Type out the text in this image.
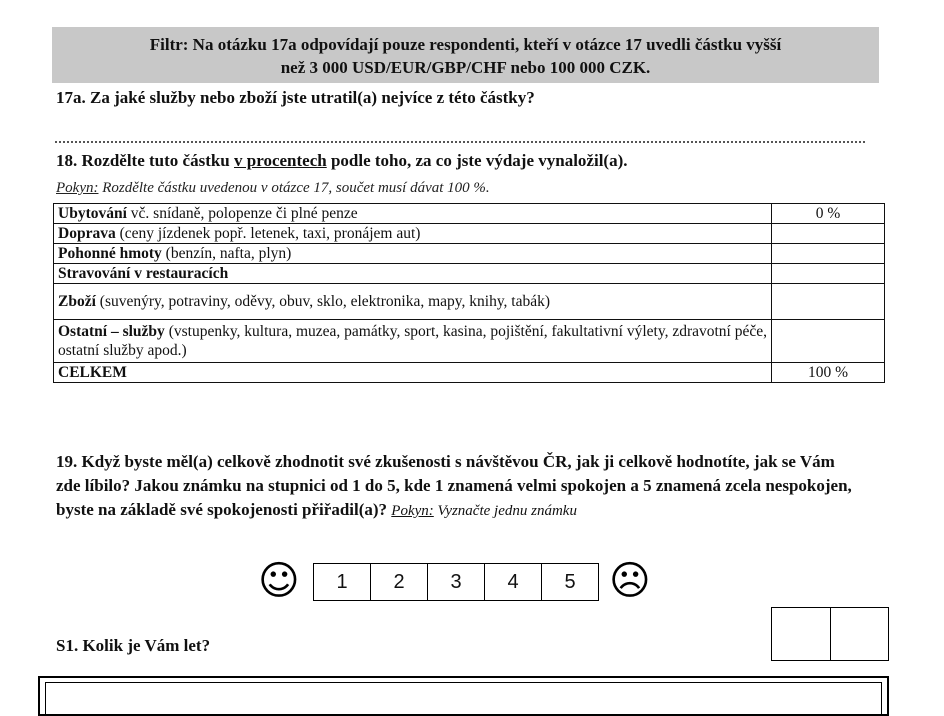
Filtr: Na otázku 17a odpovídají pouze respondenti, kteří v otázce 17 uvedli částku vyšší
než 3 000 USD/EUR/GBP/CHF nebo 100 000 CZK.
17a. Za jaké služby nebo zboží jste utratil(a) nejvíce z této částky?
18. Rozdělte tuto částku v procentech podle toho, za co jste výdaje vynaložil(a).
Pokyn: Rozdělte částku uvedenou v otázce 17, součet musí dávat 100 %.
Ubytování vč. snídaně, polopenze či plné penze	0 %
Doprava (ceny jízdenek popř. letenek, taxi, pronájem aut)	
Pohonné hmoty (benzín, nafta, plyn)	
Stravování v restauracích	
Zboží (suvenýry, potraviny, oděvy, obuv, sklo, elektronika, mapy, knihy, tabák)	
Ostatní – služby (vstupenky, kultura, muzea, památky, sport, kasina, pojištění, fakultativní výlety, zdravotní péče, ostatní služby apod.)	
CELKEM	100 %
19. Když byste měl(a) celkově zhodnotit své zkušenosti s návštěvou ČR, jak ji celkově hodnotíte, jak se Vám zde líbilo? Jakou známku na stupnici od 1 do 5, kde 1 znamená velmi spokojen a 5 znamená zcela nespokojen, byste na základě své spokojenosti přiřadil(a)? Pokyn: Vyznačte jednu známku
☺	1	2	3	4	5 ☹
S1. Kolik je Vám let?
